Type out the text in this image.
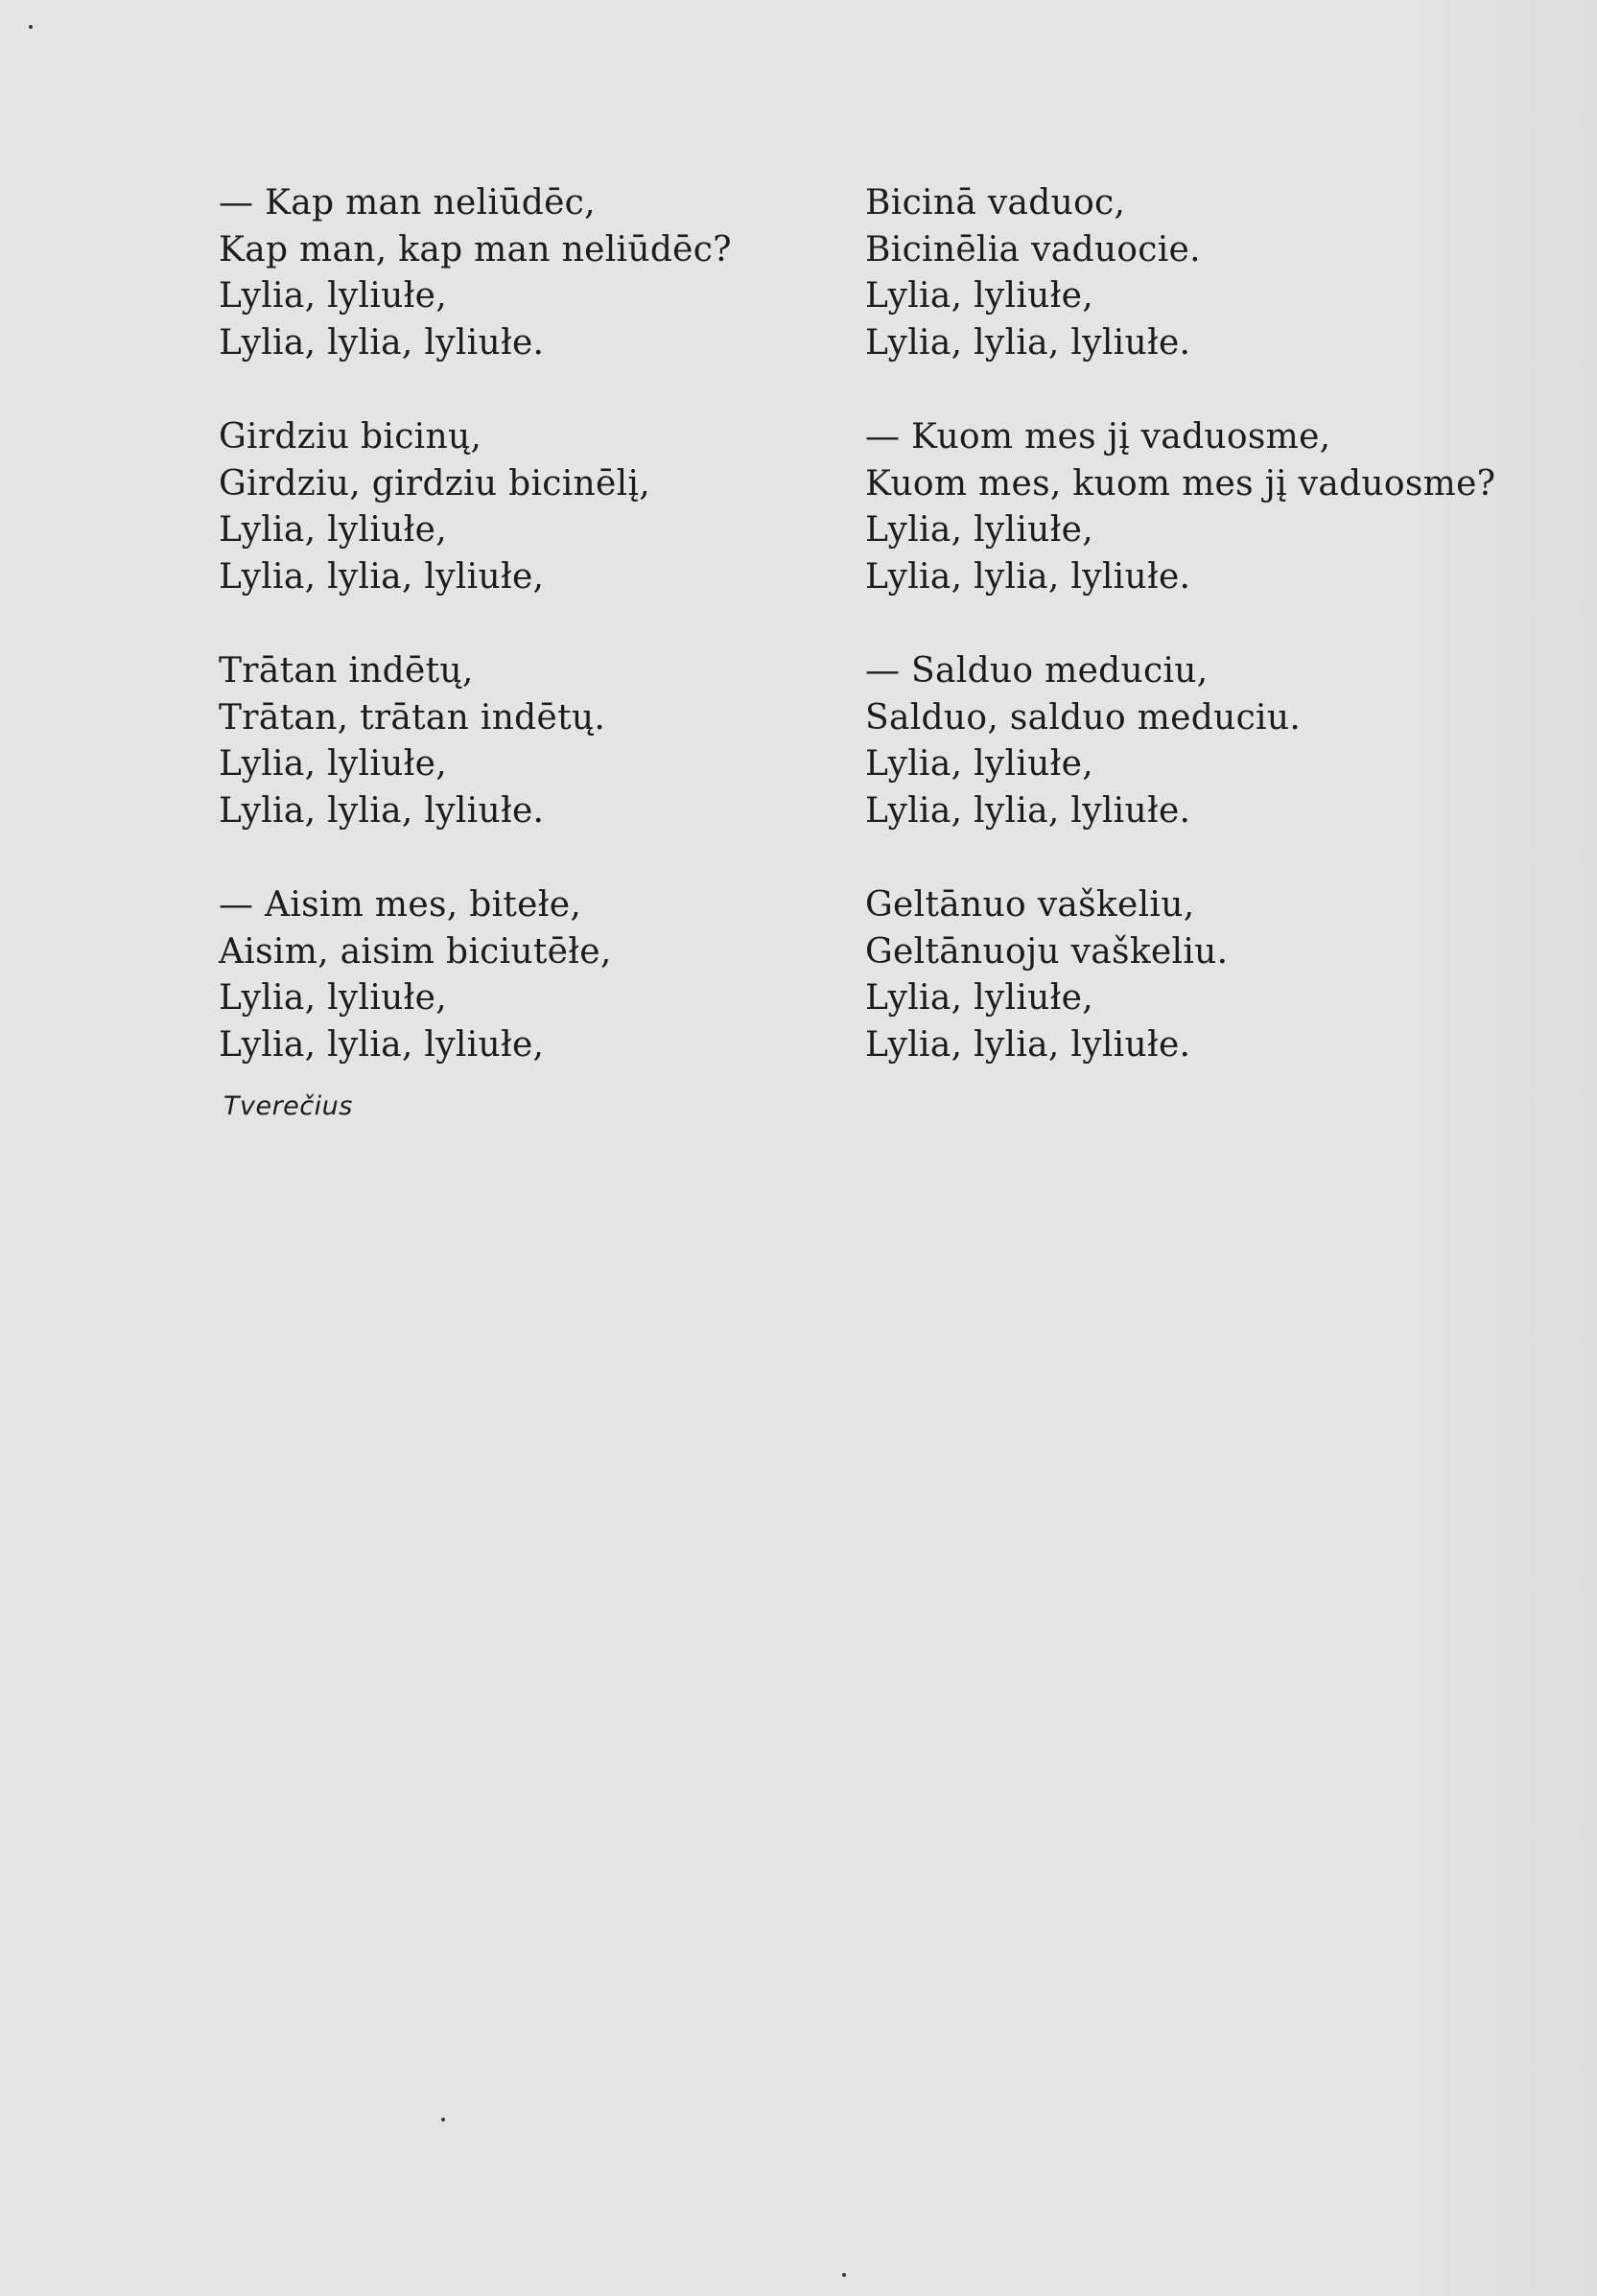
— Kap man neliūdēc,
Kap man, kap man neliūdēc?
Lylia, lyliułe,
Lylia, lylia, lyliułe.
Girdziu bicinų,
Girdziu, girdziu bicinēlį,
Lylia, lyliułe,
Lylia, lylia, lyliułe,
Trātan indētų,
Trātan, trātan indētų.
Lylia, lyliułe,
Lylia, lylia, lyliułe.
— Aisim mes, bitełe,
Aisim, aisim biciutēłe,
Lylia, lyliułe,
Lylia, lylia, lyliułe,
Bicinā vaduoc,
Bicinēlia vaduocie.
Lylia, lyliułe,
Lylia, lylia, lyliułe.
— Kuom mes jį vaduosme,
Kuom mes, kuom mes jį vaduosme?
Lylia, lyliułe,
Lylia, lylia, lyliułe.
— Salduo meduciu,
Salduo, salduo meduciu.
Lylia, lyliułe,
Lylia, lylia, lyliułe.
Geltānuo vaškeliu,
Geltānuoju vaškeliu.
Lylia, lyliułe,
Lylia, lylia, lyliułe.
Tverečius
